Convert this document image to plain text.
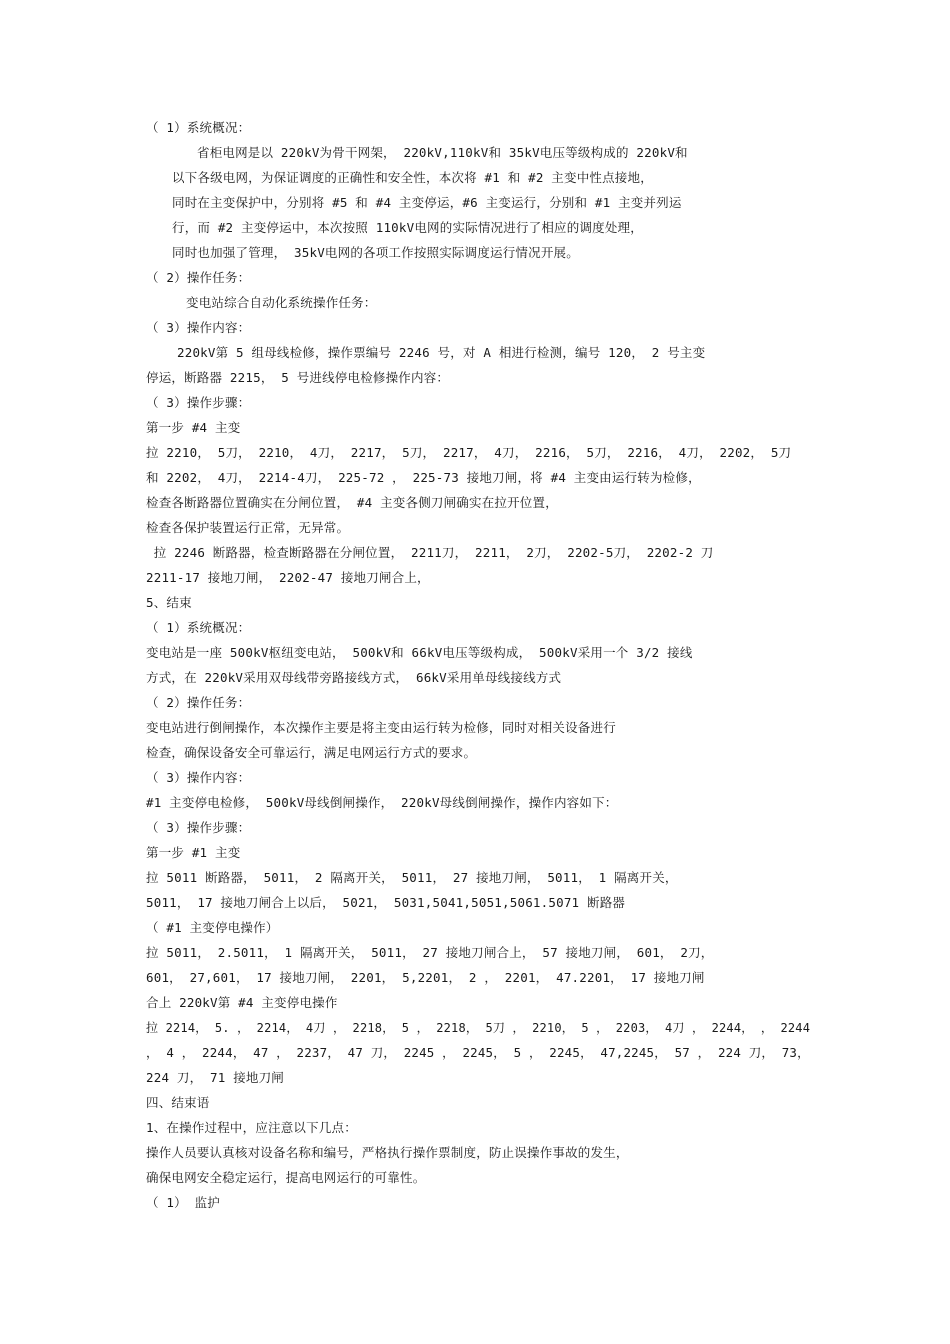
（ 1）系统概况：
省柜电网是以 220kV为骨干网架， 220kV,110kV和 35kV电压等级构成的 220kV和
以下各级电网，为保证调度的正确性和安全性，本次将 #1 和 #2 主变中性点接地，
同时在主变保护中，分别将 #5 和 #4 主变停运，#6 主变运行，分别和 #1 主变并列运
行，而 #2 主变停运中，本次按照 110kV电网的实际情况进行了相应的调度处理，
同时也加强了管理， 35kV电网的各项工作按照实际调度运行情况开展。
（ 2）操作任务：
变电站综合自动化系统操作任务：
（ 3）操作内容：
220kV第 5 组母线检修，操作票编号 2246 号，对 A 相进行检测，编号 120， 2 号主变
停运，断路器 2215， 5 号进线停电检修操作内容：
（ 3）操作步骤：
第一步 #4 主变
拉 2210， 5刀， 2210， 4刀， 2217， 5刀， 2217， 4刀， 2216， 5刀， 2216， 4刀， 2202， 5刀
和 2202， 4刀， 2214-4刀， 225-72 ， 225-73 接地刀闸，将 #4 主变由运行转为检修，
检查各断路器位置确实在分闸位置， #4 主变各侧刀闸确实在拉开位置，
检查各保护装置运行正常，无异常。
拉 2246 断路器，检查断路器在分闸位置， 2211刀， 2211， 2刀， 2202-5刀， 2202-2 刀
2211-17 接地刀闸， 2202-47 接地刀闸合上，
5、结束
（ 1）系统概况：
变电站是一座 500kV枢纽变电站， 500kV和 66kV电压等级构成， 500kV采用一个 3/2 接线
方式，在 220kV采用双母线带旁路接线方式， 66kV采用单母线接线方式
（ 2）操作任务：
变电站进行倒闸操作，本次操作主要是将主变由运行转为检修，同时对相关设备进行
检查，确保设备安全可靠运行，满足电网运行方式的要求。
（ 3）操作内容：
#1 主变停电检修， 500kV母线倒闸操作， 220kV母线倒闸操作，操作内容如下：
（ 3）操作步骤：
第一步 #1 主变
拉 5011 断路器， 5011， 2 隔离开关， 5011， 27 接地刀闸， 5011， 1 隔离开关，
5011， 17 接地刀闸合上以后， 5021， 5031,5041,5051,5061.5071 断路器
（ #1 主变停电操作）
拉 5011， 2.5011， 1 隔离开关， 5011， 27 接地刀闸合上， 57 接地刀闸， 601， 2刀，
601， 27,601， 17 接地刀闸， 2201， 5,2201， 2 ， 2201， 47.2201， 17 接地刀闸
合上 220kV第 #4 主变停电操作
拉 2214， 5. ， 2214， 4刀 ， 2218， 5 ， 2218， 5刀 ， 2210， 5 ， 2203， 4刀 ， 2244， ， 2244
， 4 ， 2244， 47 ， 2237， 47 刀， 2245 ， 2245， 5 ， 2245， 47,2245， 57 ， 224 刀， 73，
224 刀， 71 接地刀闸
四、结束语
1、在操作过程中，应注意以下几点：
操作人员要认真核对设备名称和编号，严格执行操作票制度，防止误操作事故的发生，
确保电网安全稳定运行，提高电网运行的可靠性。
（ 1） 监护
